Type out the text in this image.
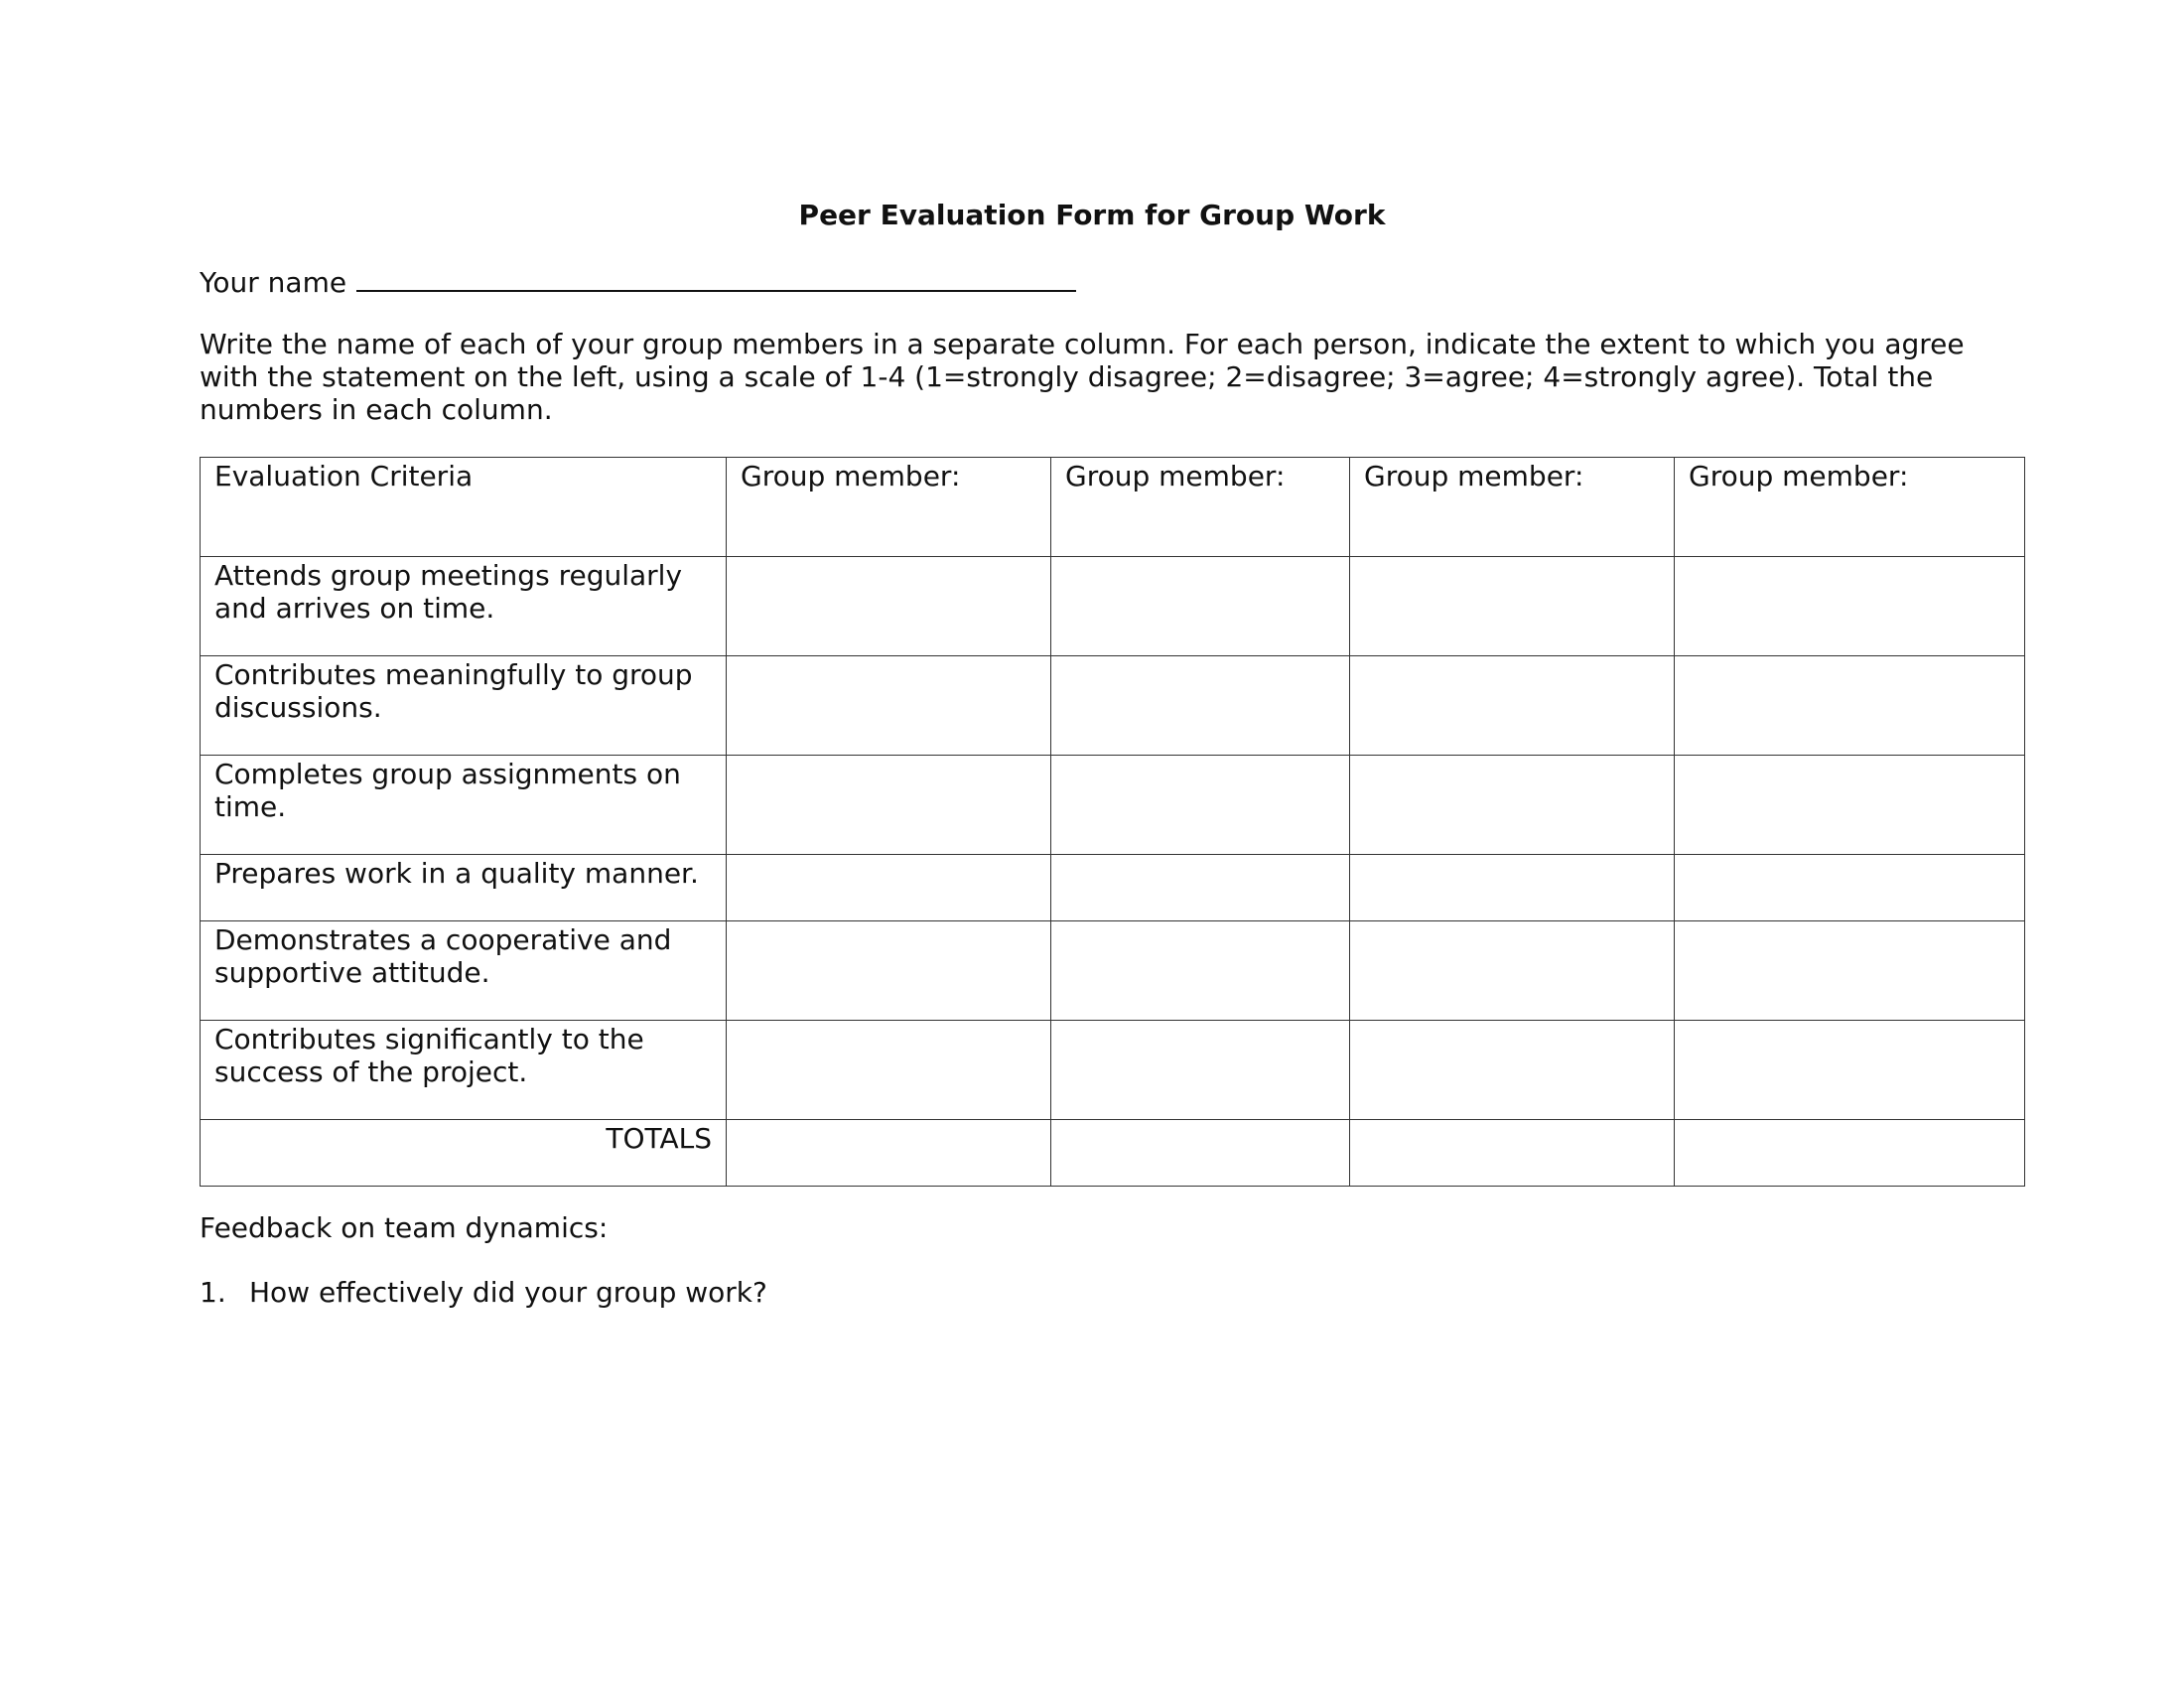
Peer Evaluation Form for Group Work
Your name
Write the name of each of your group members in a separate column. For each person, indicate the extent to which you agree with the statement on the left, using a scale of 1-4 (1=strongly disagree; 2=disagree; 3=agree; 4=strongly agree). Total the numbers in each column.
Evaluation Criteria	Group member:	Group member:	Group member:	Group member:
Attends group meetings regularly and arrives on time.				
Contributes meaningfully to group discussions.				
Completes group assignments on time.				
Prepares work in a quality manner.				
Demonstrates a cooperative and supportive attitude.				
Contributes significantly to the success of the project.				
TOTALS				
Feedback on team dynamics:
1. How effectively did your group work?
